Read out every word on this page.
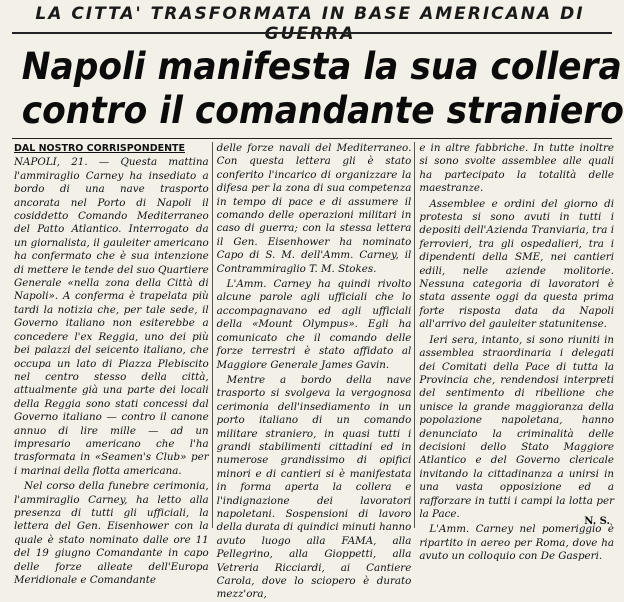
LA CITTA' TRASFORMATA IN BASE AMERICANA DI GUERRA
Napoli manifesta la sua collera
contro il comandante straniero
DAL NOSTRO CORRISPONDENTE

NAPOLI, 21. — Questa mattina l'ammiraglio Carney ha insediato a bordo di una nave trasporto ancorata nel Porto di Napoli il cosiddetto Comando Mediterraneo del Patto Atlantico. Interrogato da un giornalista, il gauleiter americano ha confermato che è sua intenzione di mettere le tende del suo Quartiere Generale «nella zona della Città di Napoli». A conferma è trapelata più tardi la notizia che, per tale sede, il Governo italiano non esiterebbe a concedere l'ex Reggia, uno dei più bei palazzi del seicento italiano, che occupa un lato di Piazza Plebiscito nel centro stesso della città, attualmente già una parte dei locali della Reggia sono stati concessi dal Governo italiano — contro il canone annuo di lire mille — ad un impresario americano che l'ha trasformata in «Seamen's Club» per i marinai della flotta americana.

Nel corso della funebre cerimonia, l'ammiraglio Carney, ha letto alla presenza di tutti gli ufficiali, la lettera del Gen. Eisenhower con la quale è stato nominato dalle ore 11 del 19 giugno Comandante in capo delle forze alleate dell'Europa Meridionale e Comandante

delle forze navali del Mediterraneo. Con questa lettera gli è stato conferito l'incarico di organizzare la difesa per la zona di sua competenza in tempo di pace e di assumere il comando delle operazioni militari in caso di guerra; con la stessa lettera il Gen. Eisenhower ha nominato Capo di S. M. dell'Amm. Carney, il Contrammiraglio T. M. Stokes.

L'Amm. Carney ha quindi rivolto alcune parole agli ufficiali che lo accompagnavano ed agli ufficiali della «Mount Olympus». Egli ha comunicato che il comando delle forze terrestri è stato affidato al Maggiore Generale James Gavin.

Mentre a bordo della nave trasporto si svolgeva la vergognosa cerimonia dell'insediamento in un porto italiano di un comando militare straniero, in quasi tutti i grandi stabilimenti cittadini ed in numerose grandissimo di opifici minori e di cantieri si è manifestata in forma aperta la collera e l'indignazione dei lavoratori napoletani. Sospensioni di lavoro della durata di quindici minuti hanno avuto luogo alla FAMA, alla Pellegrino, alla Gioppetti, alla Vetreria Ricciardi, ai Cantiere Carola, dove lo sciopero è durato mezz'ora,

e in altre fabbriche. In tutte inoltre si sono svolte assemblee alle quali ha partecipato la totalità delle maestranze.

Assemblee e ordini del giorno di protesta si sono avuti in tutti i depositi dell'Azienda Tranviaria, tra i ferrovieri, tra gli ospedalieri, tra i dipendenti della SME, nei cantieri edili, nelle aziende molitorie. Nessuna categoria di lavoratori è stata assente oggi da questa prima forte risposta data da Napoli all'arrivo del gauleiter statunitense.

Ieri sera, intanto, si sono riuniti in assemblea straordinaria i delegati dei Comitati della Pace di tutta la Provincia che, rendendosi interpreti del sentimento di ribellione che unisce la grande maggioranza della popolazione napoletana, hanno denunciato la criminalità delle decisioni dello Stato Maggiore Atlantico e del Governo clericale invitando la cittadinanza a unirsi in una vasta opposizione ed a rafforzare in tutti i campi la lotta per la Pace.

L'Amm. Carney nel pomeriggio è ripartito in aereo per Roma, dove ha avuto un colloquio con De Gasperi.

N. S.
